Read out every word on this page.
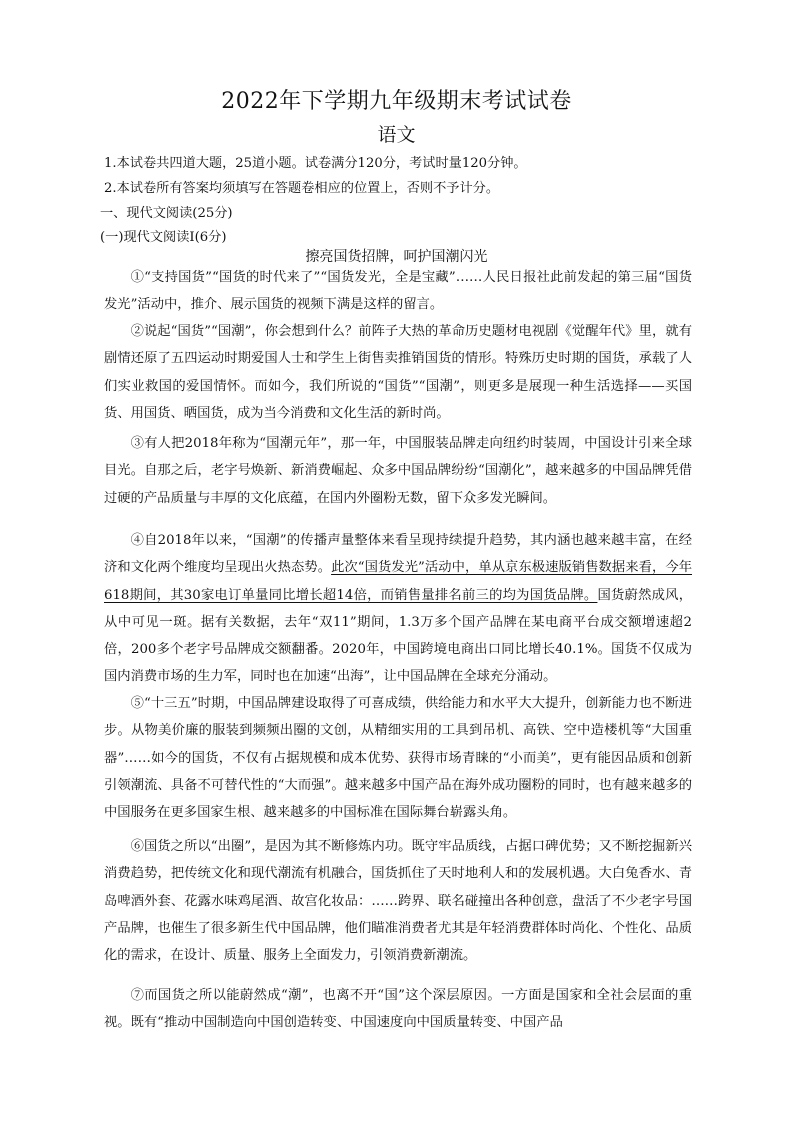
2022年下学期九年级期末考试试卷
语文
1.本试卷共四道大题，25道小题。试卷满分120分，考试时量120分钟。
2.本试卷所有答案均须填写在答题卷相应的位置上，否则不予计分。
一、现代文阅读(25分)
(一)现代文阅读Ⅰ(6分)
擦亮国货招牌，呵护国潮闪光

①“支持国货”“国货的时代来了”“国货发光，全是宝藏”……人民日报社此前发起的第三届“国货发光”活动中，推介、展示国货的视频下满是这样的留言。

②说起“国货”“国潮”，你会想到什么？前阵子大热的革命历史题材电视剧《觉醒年代》里，就有剧情还原了五四运动时期爱国人士和学生上街售卖推销国货的情形。特殊历史时期的国货，承载了人们实业救国的爱国情怀。而如今，我们所说的“国货”“国潮”，则更多是展现一种生活选择——买国货、用国货、晒国货，成为当今消费和文化生活的新时尚。

③有人把2018年称为“国潮元年”，那一年，中国服装品牌走向纽约时装周，中国设计引来全球目光。自那之后，老字号焕新、新消费崛起、众多中国品牌纷纷“国潮化”，越来越多的中国品牌凭借过硬的产品质量与丰厚的文化底蕴，在国内外圈粉无数，留下众多发光瞬间。

④自2018年以来，“国潮”的传播声量整体来看呈现持续提升趋势，其内涵也越来越丰富，在经济和文化两个维度均呈现出火热态势。此次“国货发光”活动中，单从京东极速版销售数据来看，今年618期间，其30家电订单量同比增长超14倍，而销售量排名前三的均为国货品牌。国货蔚然成风，从中可见一斑。据有关数据，去年“双11”期间，1.3万多个国产品牌在某电商平台成交额增速超2倍，200多个老字号品牌成交额翻番。2020年，中国跨境电商出口同比增长40.1%。国货不仅成为国内消费市场的生力军，同时也在加速“出海”，让中国品牌在全球充分涌动。

⑤“十三五”时期，中国品牌建设取得了可喜成绩，供给能力和水平大大提升，创新能力也不断进步。从物美价廉的服装到频频出圈的文创，从精细实用的工具到吊机、高铁、空中造楼机等“大国重器”……如今的国货，不仅有占据规模和成本优势、获得市场青睐的“小而美”，更有能因品质和创新引领潮流、具备不可替代性的“大而强”。越来越多中国产品在海外成功圈粉的同时，也有越来越多的中国服务在更多国家生根、越来越多的中国标准在国际舞台崭露头角。

⑥国货之所以“出圈”，是因为其不断修炼内功。既守牢品质线，占据口碑优势；又不断挖掘新兴消费趋势，把传统文化和现代潮流有机融合，国货抓住了天时地利人和的发展机遇。大白兔香水、青岛啤酒外套、花露水味鸡尾酒、故宫化妆品：……跨界、联名碰撞出各种创意，盘活了不少老字号国产品牌，也催生了很多新生代中国品牌，他们瞄准消费者尤其是年轻消费群体时尚化、个性化、品质化的需求，在设计、质量、服务上全面发力，引领消费新潮流。

⑦而国货之所以能蔚然成“潮”，也离不开“国”这个深层原因。一方面是国家和全社会层面的重视。既有“推动中国制造向中国创造转变、中国速度向中国质量转变、中国产品
